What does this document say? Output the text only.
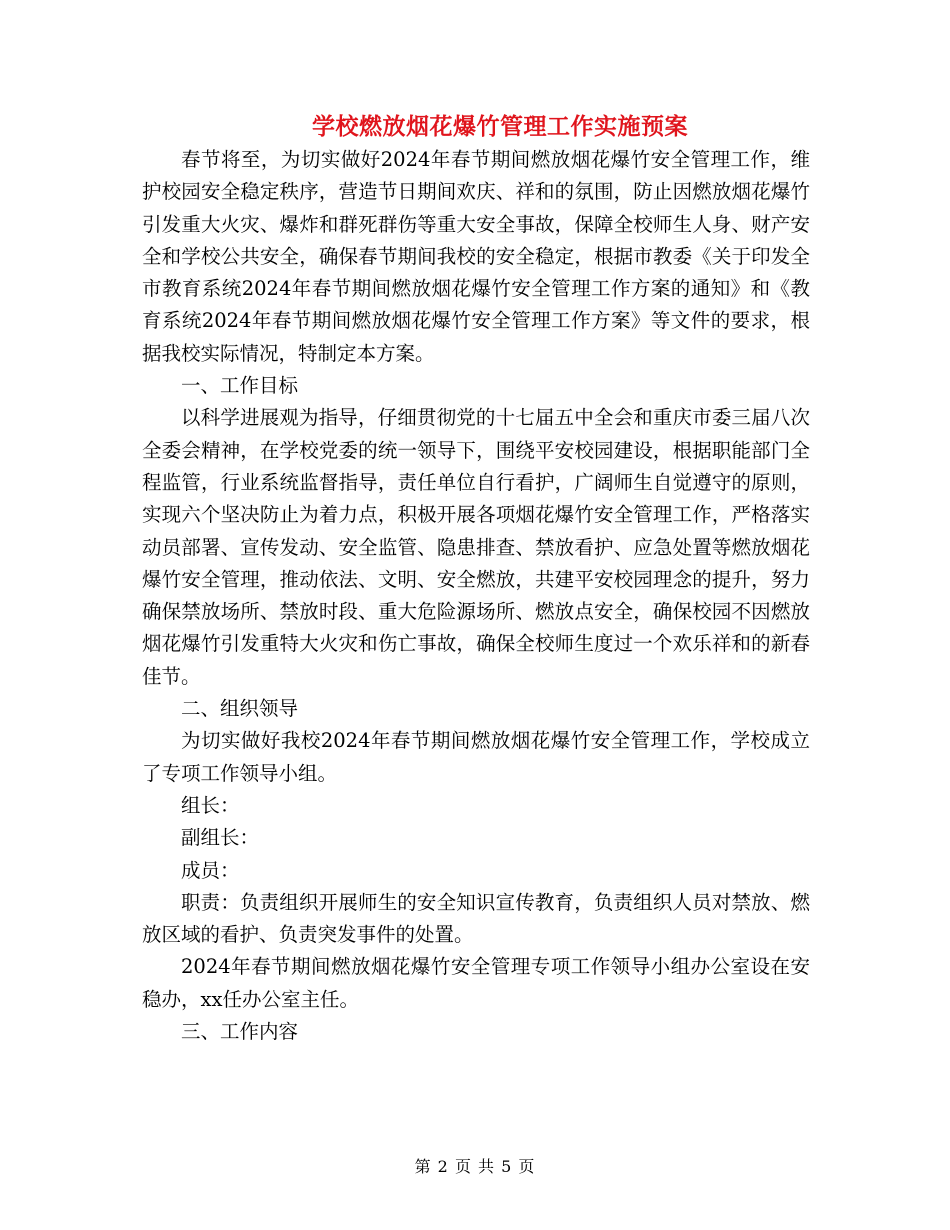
学校燃放烟花爆竹管理工作实施预案

春节将至，为切实做好2024年春节期间燃放烟花爆竹安全管理工作，维护校园安全稳定秩序，营造节日期间欢庆、祥和的氛围，防止因燃放烟花爆竹引发重大火灾、爆炸和群死群伤等重大安全事故，保障全校师生人身、财产安全和学校公共安全，确保春节期间我校的安全稳定，根据市教委《关于印发全市教育系统2024年春节期间燃放烟花爆竹安全管理工作方案的通知》和《教育系统2024年春节期间燃放烟花爆竹安全管理工作方案》等文件的要求，根据我校实际情况，特制定本方案。

一、工作目标

以科学进展观为指导，仔细贯彻党的十七届五中全会和重庆市委三届八次全委会精神，在学校党委的统一领导下，围绕平安校园建设，根据职能部门全程监管，行业系统监督指导，责任单位自行看护，广阔师生自觉遵守的原则，实现六个坚决防止为着力点，积极开展各项烟花爆竹安全管理工作，严格落实动员部署、宣传发动、安全监管、隐患排查、禁放看护、应急处置等燃放烟花爆竹安全管理，推动依法、文明、安全燃放，共建平安校园理念的提升，努力确保禁放场所、禁放时段、重大危险源场所、燃放点安全，确保校园不因燃放烟花爆竹引发重特大火灾和伤亡事故，确保全校师生度过一个欢乐祥和的新春佳节。

二、组织领导

为切实做好我校2024年春节期间燃放烟花爆竹安全管理工作，学校成立了专项工作领导小组。

组长：

副组长：

成员：

职责：负责组织开展师生的安全知识宣传教育，负责组织人员对禁放、燃放区域的看护、负责突发事件的处置。

2024年春节期间燃放烟花爆竹安全管理专项工作领导小组办公室设在安稳办，xx任办公室主任。

三、工作内容

第 2 页 共 5 页
